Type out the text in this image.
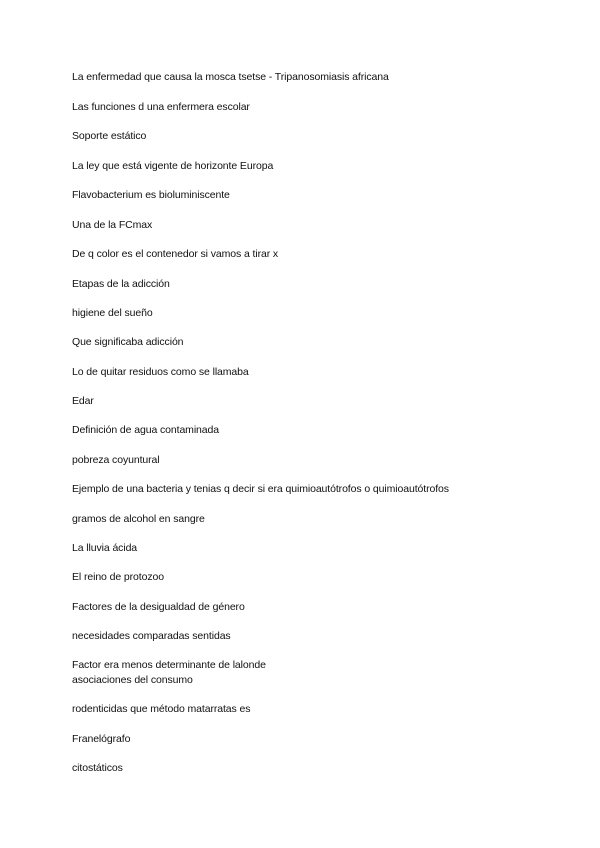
La enfermedad que causa la mosca tsetse - Tripanosomiasis africana

Las funciones d una enfermera escolar

Soporte estático

La ley que está vigente de horizonte Europa

Flavobacterium es bioluminiscente

Una de la FCmax

De q color es el contenedor si vamos a tirar x

Etapas de la adicción

higiene del sueño

Que significaba adicción

Lo de quitar residuos como se llamaba

Edar

Definición de agua contaminada

pobreza coyuntural

Ejemplo de una bacteria y tenias q decir si era quimioautótrofos o quimioautótrofos

gramos de alcohol en sangre

La lluvia ácida

El reino de protozoo

Factores de la desigualdad de género

necesidades comparadas sentidas

Factor era menos determinante de lalonde

asociaciones del consumo

rodenticidas que método matarratas es

Franelógrafo

citostáticos
